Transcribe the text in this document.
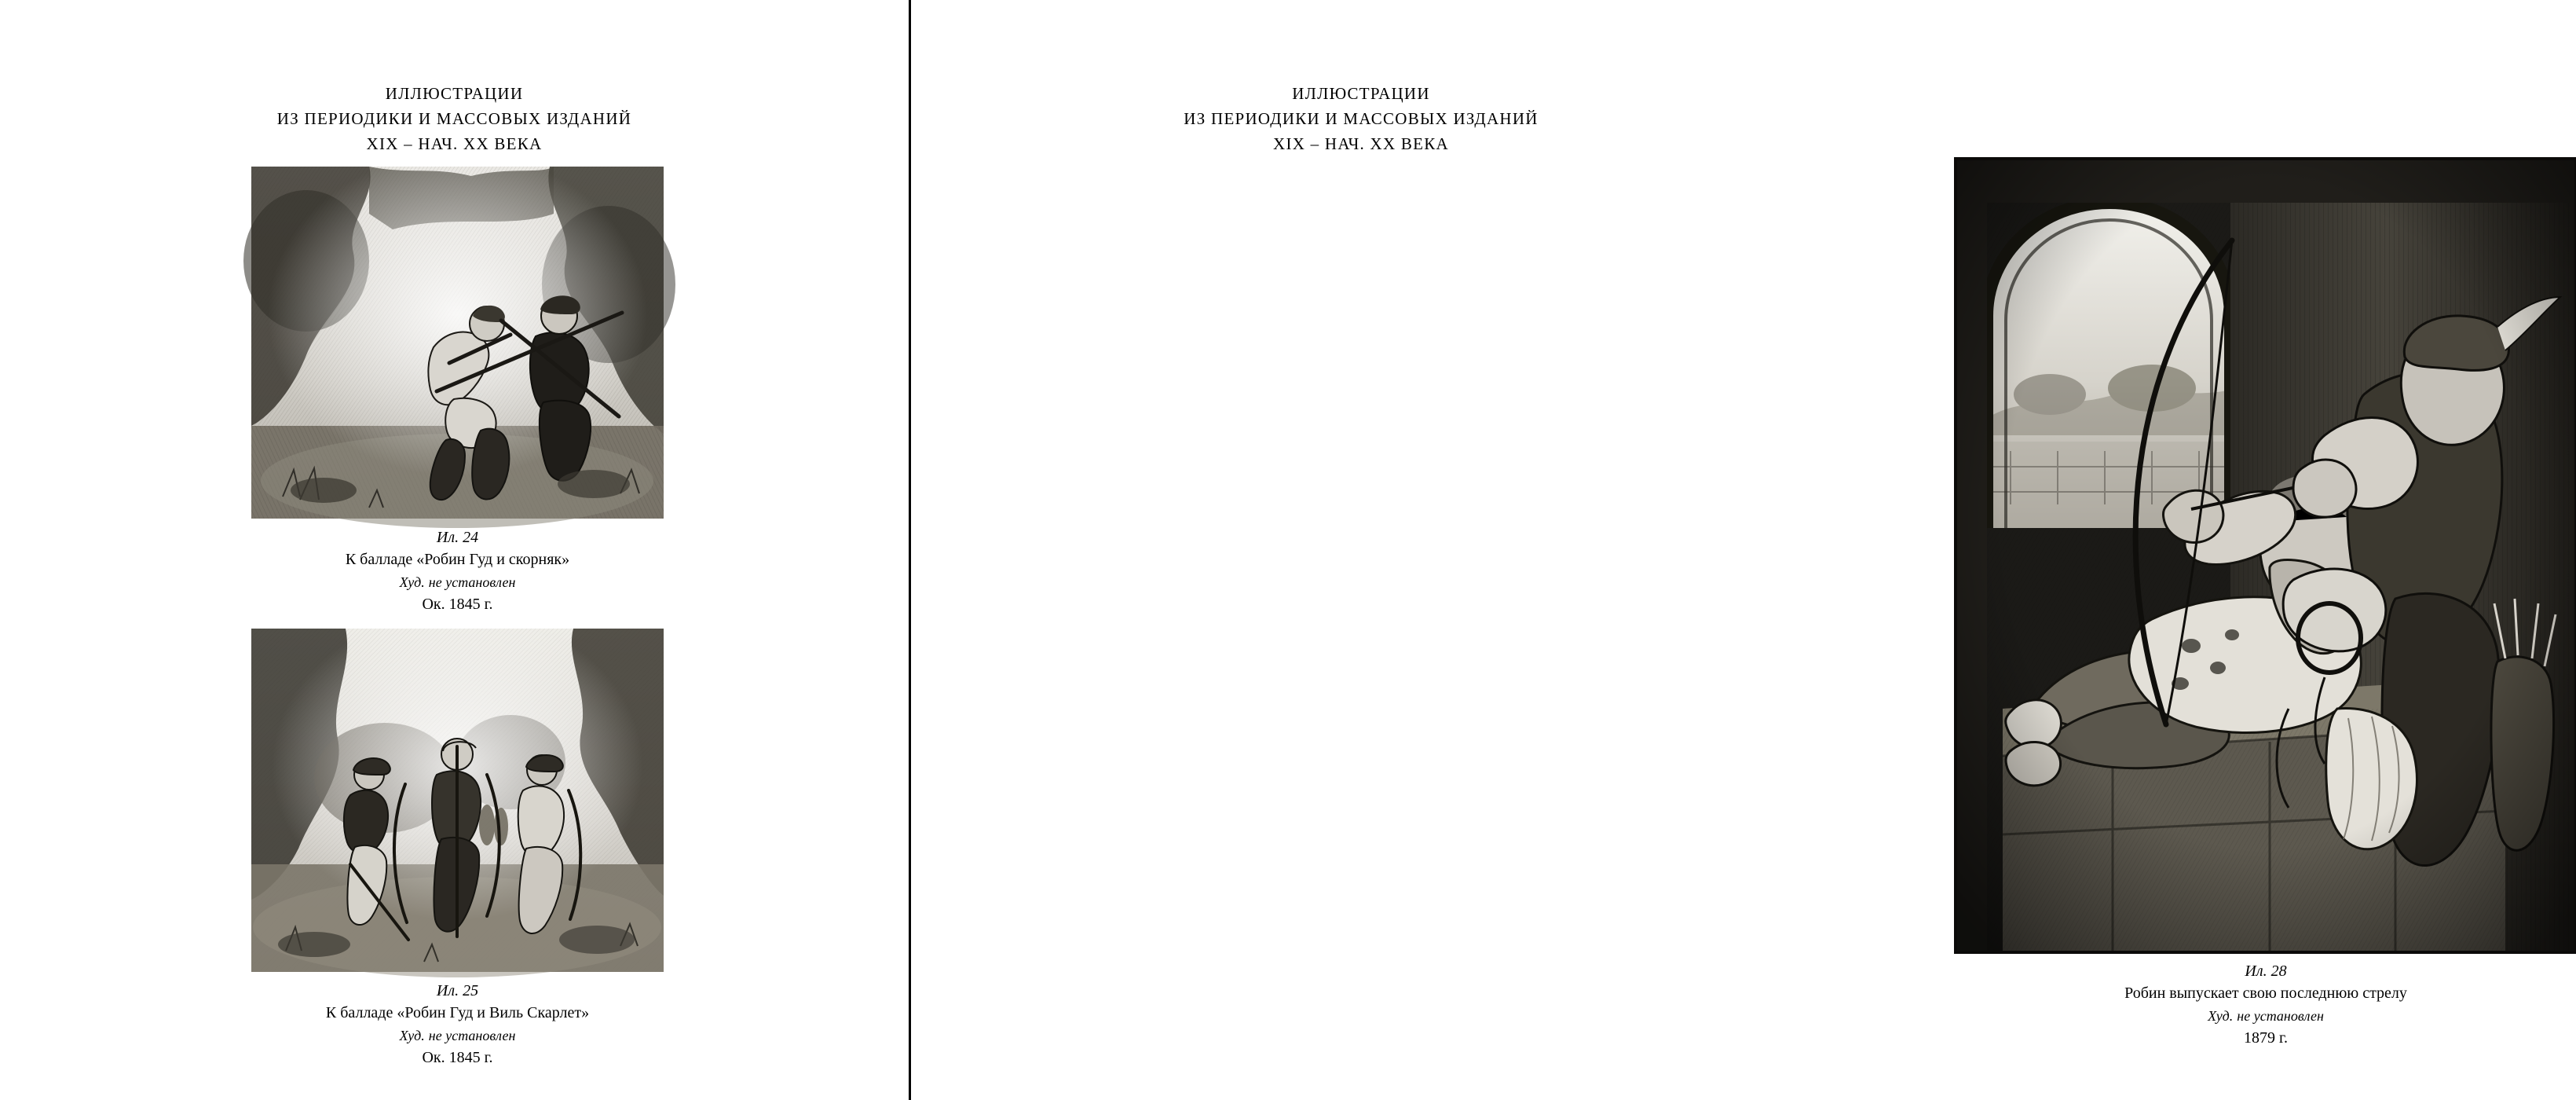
ИЛЛЮСТРАЦИИ
ИЗ ПЕРИОДИКИ И МАССОВЫХ ИЗДАНИЙ
XIX – НАЧ. XX ВЕКА
Ил. 24
К балладе «Робин Гуд и скорняк»
Худ. не установлен
Ок. 1845 г.
Ил. 25
К балладе «Робин Гуд и Виль Скарлет»
Худ. не установлен
Ок. 1845 г.
ИЛЛЮСТРАЦИИ
ИЗ ПЕРИОДИКИ И МАССОВЫХ ИЗДАНИЙ
XIX – НАЧ. XX ВЕКА
Ил. 28
Робин выпускает свою последнюю стрелу
Худ. не установлен
1879 г.
